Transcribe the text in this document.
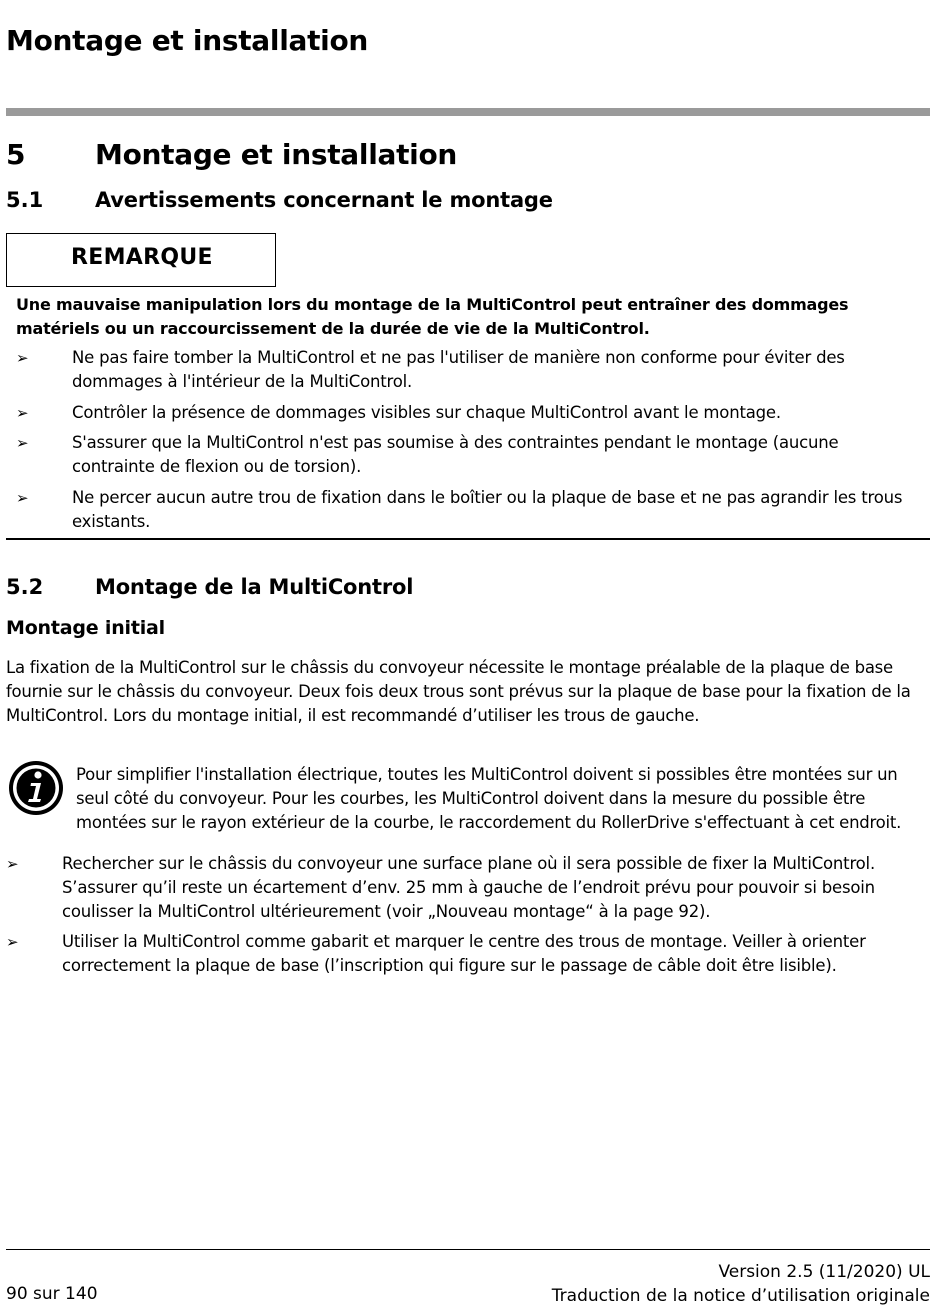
Montage et installation
5 Montage et installation
5.1 Avertissements concernant le montage
REMARQUE
Une mauvaise manipulation lors du montage de la MultiControl peut entraîner des dommages matériels ou un raccourcissement de la durée de vie de la MultiControl.
➢	Ne pas faire tomber la MultiControl et ne pas l'utiliser de manière non conforme pour éviter des dommages à l'intérieur de la MultiControl.
➢	Contrôler la présence de dommages visibles sur chaque MultiControl avant le montage.
➢	S'assurer que la MultiControl n'est pas soumise à des contraintes pendant le montage (aucune contrainte de flexion ou de torsion).
➢	Ne percer aucun autre trou de fixation dans le boîtier ou la plaque de base et ne pas agrandir les trous existants.
5.2 Montage de la MultiControl
Montage initial
La fixation de la MultiControl sur le châssis du convoyeur nécessite le montage préalable de la plaque de base fournie sur le châssis du convoyeur. Deux fois deux trous sont prévus sur la plaque de base pour la fixation de la MultiControl. Lors du montage initial, il est recommandé d’utiliser les trous de gauche.
Pour simplifier l'installation électrique, toutes les MultiControl doivent si possibles être montées sur un seul côté du convoyeur. Pour les courbes, les MultiControl doivent dans la mesure du possible être montées sur le rayon extérieur de la courbe, le raccordement du RollerDrive s'effectuant à cet endroit.
➢	Rechercher sur le châssis du convoyeur une surface plane où il sera possible de fixer la MultiControl. S’assurer qu’il reste un écartement d’env. 25 mm à gauche de l’endroit prévu pour pouvoir si besoin coulisser la MultiControl ultérieurement (voir „Nouveau montage“ à la page 92).
➢	Utiliser la MultiControl comme gabarit et marquer le centre des trous de montage. Veiller à orienter correctement la plaque de base (l’inscription qui figure sur le passage de câble doit être lisible).
90 sur 140
Version 2.5 (11/2020) UL
Traduction de la notice d’utilisation originale
